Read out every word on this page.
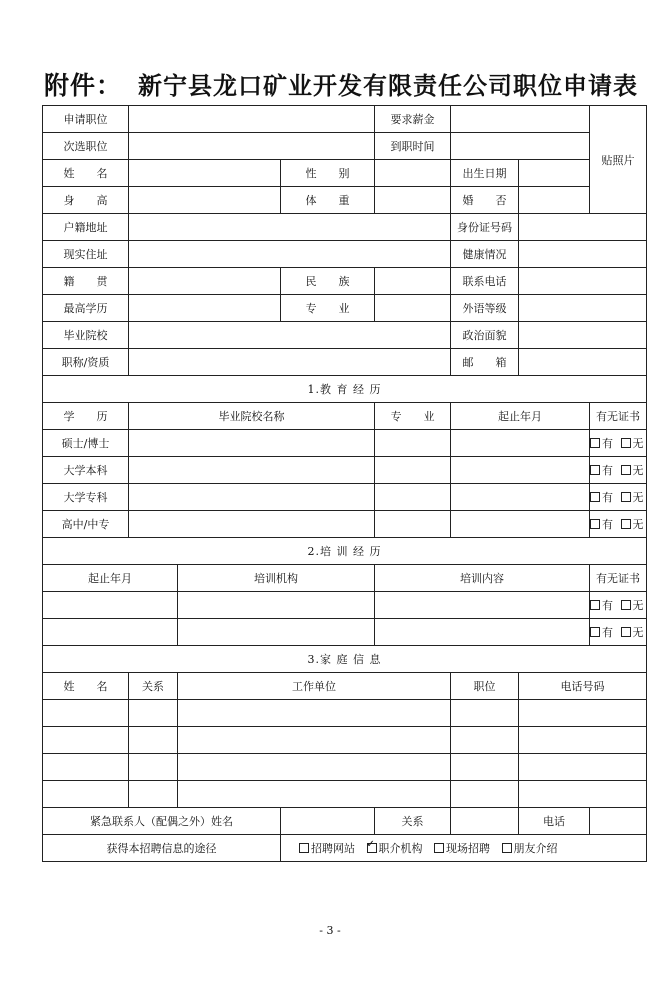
附件： 新宁县龙口矿业开发有限责任公司职位申请表
申请职位				要求薪金			贴照片
次选职位				到职时间			
姓　　名			性　　别		出生日期		
身　　高			体　　重		婚　　否		
户籍地址					身份证号码		
现实住址					健康情况		
籍　　贯			民　　族		联系电话		
最高学历			专　　业		外语等级		
毕业院校					政治面貌		
职称/资质					邮　　箱		
1.教 育 经 历							
学　　历	毕业院校名称			专　　业	起止年月		有无证书
硕士/博士							有 无
大学本科							有 无
大学专科							有 无
高中/中专							有 无
2.培 训 经 历							
起止年月		培训机构		培训内容			有无证书
							有 无
							有 无
3.家 庭 信 息							
姓　　名	关系	工作单位			职位	电话号码	

紧急联系人（配偶之外）姓名				关系		电话	
获得本招聘信息的途径			招聘网站 ✓ 职介机构 现场招聘 朋友介绍
- 3 -
